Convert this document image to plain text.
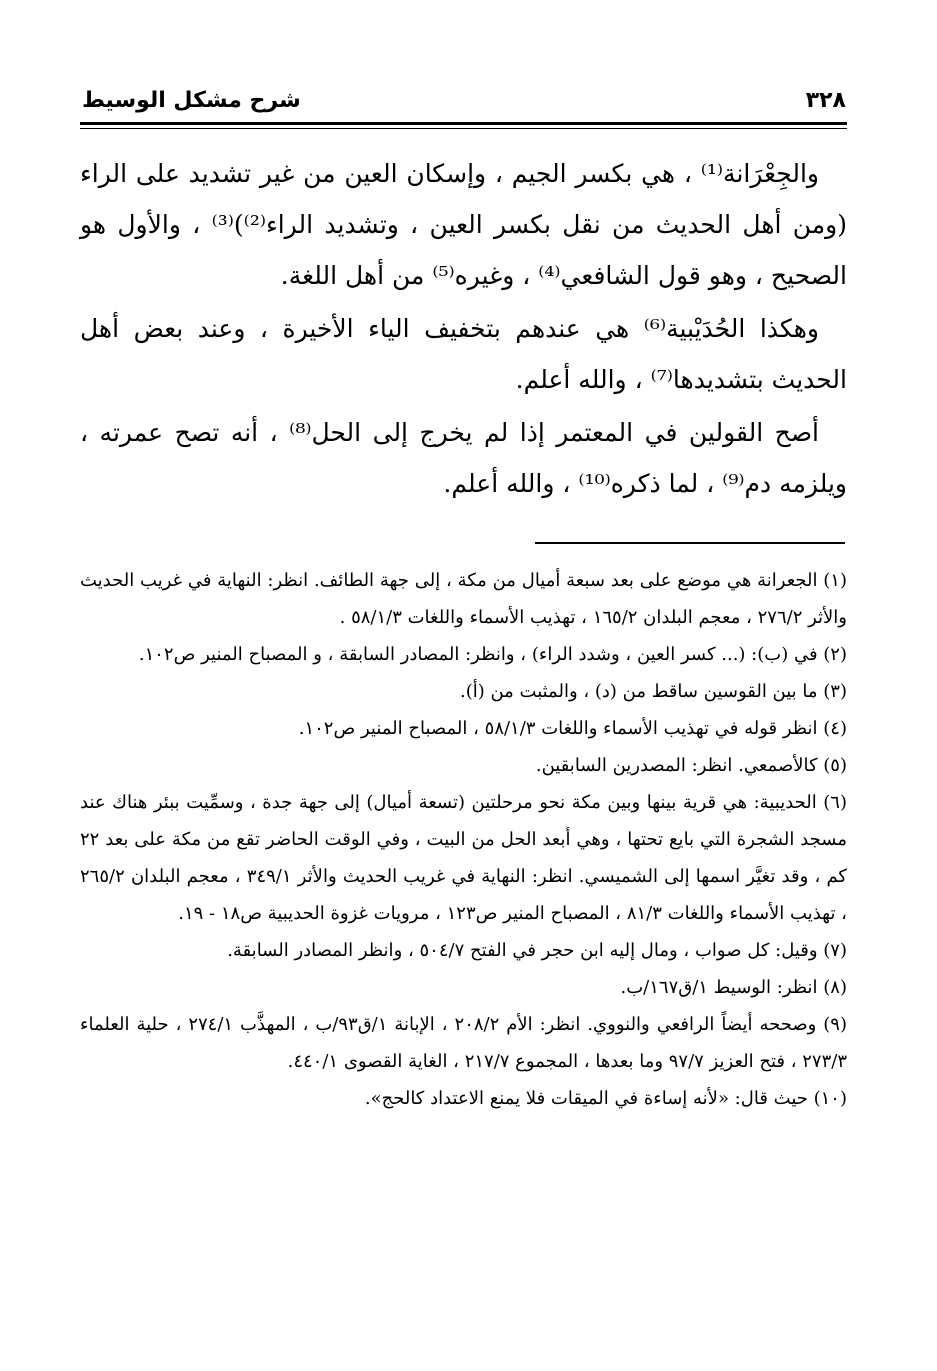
٣٢٨
شرح مشكل الوسيط

والجِعْرَانة⁽¹⁾ ، هي بكسر الجيم ، وإسكان العين من غير تشديد على الراء (ومن أهل الحديث من نقل بكسر العين ، وتشديد الراء⁽²⁾)⁽³⁾ ، والأول هو الصحيح ، وهو قول الشافعي⁽⁴⁾ ، وغيره⁽⁵⁾ من أهل اللغة.

وهكذا الحُدَيْبية⁽⁶⁾ هي عندهم بتخفيف الياء الأخيرة ، وعند بعض أهل الحديث بتشديدها⁽⁷⁾ ، والله أعلم.

أصح القولين في المعتمر إذا لم يخرج إلى الحل⁽⁸⁾ ، أنه تصح عمرته ، ويلزمه دم⁽⁹⁾ ، لما ذكره⁽¹⁰⁾ ، والله أعلم.

(١) الجعرانة هي موضع على بعد سبعة أميال من مكة ، إلى جهة الطائف. انظر: النهاية في غريب الحديث والأثر ٢٧٦/٢ ، معجم البلدان ١٦٥/٢ ، تهذيب الأسماء واللغات ٥٨/١/٣ .

(٢) في (ب): (... كسر العين ، وشدد الراء) ، وانظر: المصادر السابقة ، و المصباح المنير ص١٠٢.

(٣) ما بين القوسين ساقط من (د) ، والمثبت من (أ).

(٤) انظر قوله في تهذيب الأسماء واللغات ٥٨/١/٣ ، المصباح المنير ص١٠٢.

(٥) كالأصمعي. انظر: المصدرين السابقين.

(٦) الحديبية: هي قرية بينها وبين مكة نحو مرحلتين (تسعة أميال) إلى جهة جدة ، وسمِّيت ببئر هناك عند مسجد الشجرة التي بايع تحتها ، وهي أبعد الحل من البيت ، وفي الوقت الحاضر تقع من مكة على بعد ٢٢ كم ، وقد تغيَّر اسمها إلى الشميسي. انظر: النهاية في غريب الحديث والأثر ٣٤٩/١ ، معجم البلدان ٢٦٥/٢ ، تهذيب الأسماء واللغات ٨١/٣ ، المصباح المنير ص١٢٣ ، مرويات غزوة الحديبية ص١٨ - ١٩.

(٧) وقيل: كل صواب ، ومال إليه ابن حجر في الفتح ٥٠٤/٧ ، وانظر المصادر السابقة.

(٨) انظر: الوسيط ١/ق١٦٧/ب.

(٩) وصححه أيضاً الرافعي والنووي. انظر: الأم ٢٠٨/٢ ، الإبانة ١/ق٩٣/ب ، المهذَّب ٢٧٤/١ ، حلية العلماء ٢٧٣/٣ ، فتح العزيز ٩٧/٧ وما بعدها ، المجموع ٢١٧/٧ ، الغاية القصوى ٤٤٠/١.

(١٠) حيث قال: «لأنه إساءة في الميقات فلا يمنع الاعتداد كالحج».
